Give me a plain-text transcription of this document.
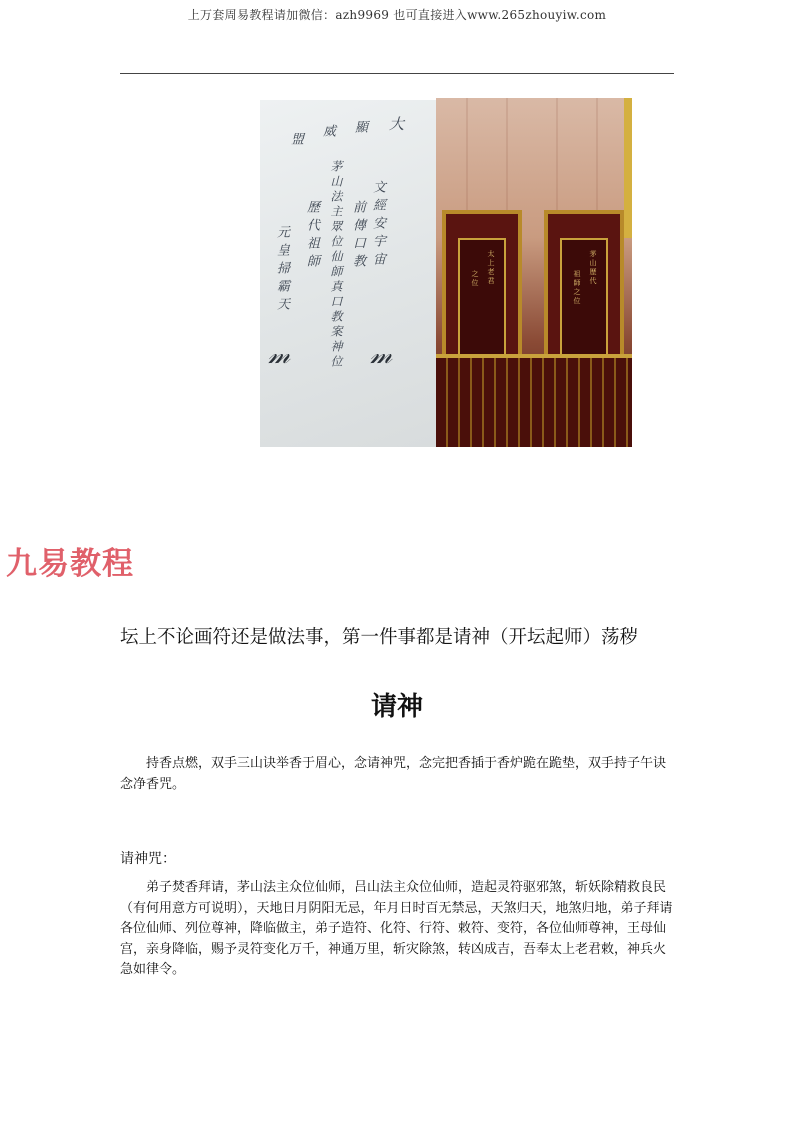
上万套周易教程请加微信：azh9969 也可直接进入www.265zhouyiw.com
大
顯
威
盟
文經安宇宙
前傳口教
茅山法主眾位仙師真口教案神位
歷代祖師
元皇掃霸天
𝓂
𝓂
太上老君
之位	茅山歷代
祖師之位
九易教程
坛上不论画符还是做法事，第一件事都是请神（开坛起师）荡秽
请神

持香点燃，双手三山诀举香于眉心，念请神咒，念完把香插于香炉跪在跪垫，双手持子午诀念净香咒。

请神咒：

弟子焚香拜请，茅山法主众位仙师，吕山法主众位仙师，造起灵符驱邪煞，斩妖除精救良民（有何用意方可说明），天地日月阴阳无忌，年月日时百无禁忌，天煞归天，地煞归地，弟子拜请各位仙师、列位尊神，降临做主，弟子造符、化符、行符、敕符、变符，各位仙师尊神，王母仙宫，亲身降临，赐予灵符变化万千，神通万里，斩灾除煞，转凶成吉，吾奉太上老君敕，神兵火急如律令。
